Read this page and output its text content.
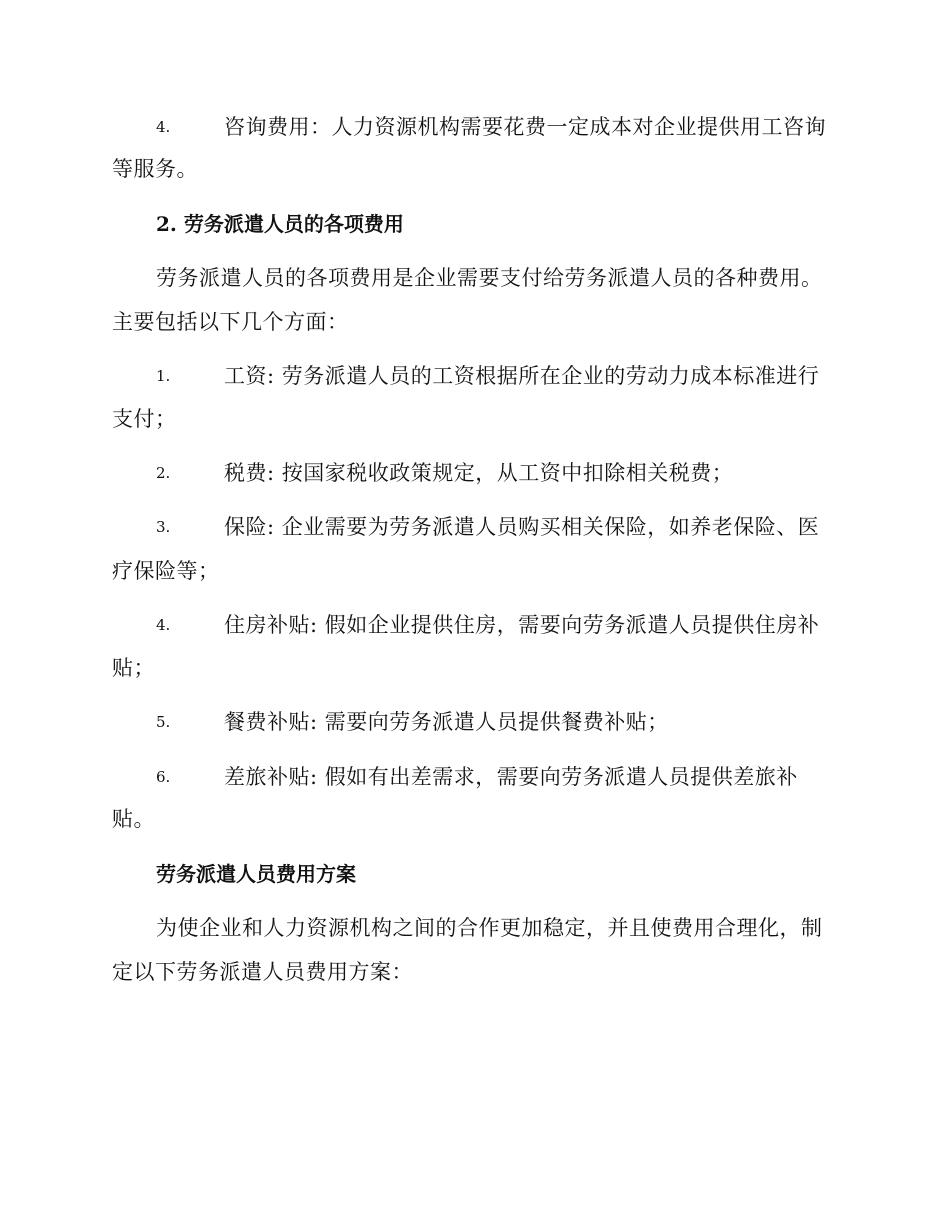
4.	咨询费用：人力资源机构需要花费一定成本对企业提供用工咨询
等服务。
2. 劳务派遣人员的各项费用
劳务派遣人员的各项费用是企业需要支付给劳务派遣人员的各种费用。
主要包括以下几个方面：
1.	工资: 劳务派遣人员的工资根据所在企业的劳动力成本标准进行
支付；
2.	税费: 按国家税收政策规定，从工资中扣除相关税费；
3.	保险: 企业需要为劳务派遣人员购买相关保险，如养老保险、医
疗保险等；
4.	住房补贴: 假如企业提供住房，需要向劳务派遣人员提供住房补
贴；
5.	餐费补贴: 需要向劳务派遣人员提供餐费补贴；
6.	差旅补贴: 假如有出差需求，需要向劳务派遣人员提供差旅补
贴。
劳务派遣人员费用方案
为使企业和人力资源机构之间的合作更加稳定，并且使费用合理化，制
定以下劳务派遣人员费用方案：
